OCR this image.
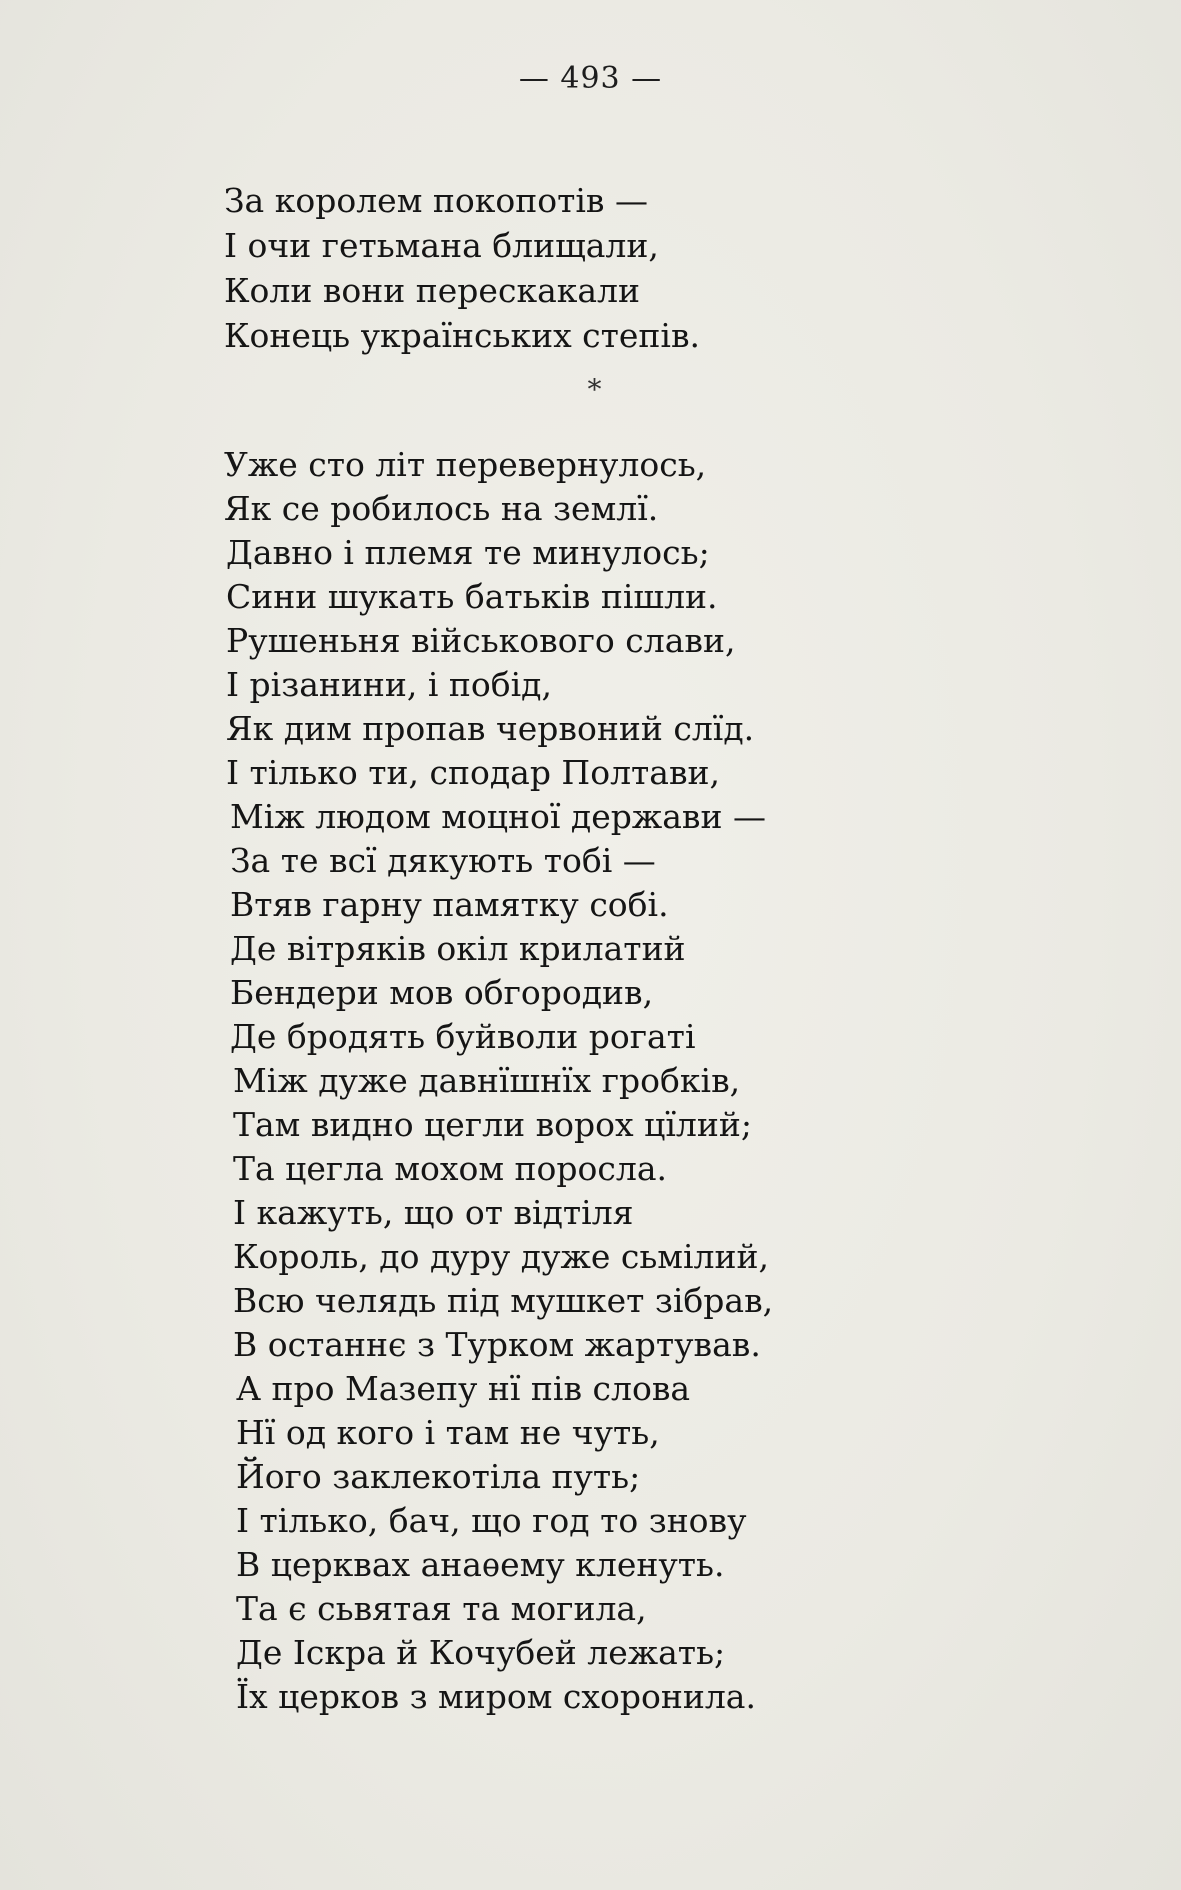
— 493 —
За королем покопотів —
І очи гетьмана блищали,
Коли вони перескакали
Конець українських степів.
*
Уже сто літ перевернулось,
Як се робилось на землї.
Давно і племя те минулось;
Сини шукать батьків пішли.
Рушеньня військового слави,
І різанини, і побід,
Як дим пропав червоний слїд.
І тілько ти, сподар Полтави,
Між людом моцної держави —
За те всї дякують тобі —
Втяв гарну памятку собі.
Де вітряків окіл крилатий
Бендери мов обгородив,
Де бродять буйволи рогаті
Між дуже давнїшнїх гробків,
Там видно цегли ворох цїлий;
Та цегла мохом поросла.
І кажуть, що от відтіля
Король, до дуру дуже сьмілий,
Всю челядь під мушкет зібрав,
В останнє з Турком жартував.
А про Мазепу нї пів слова
Нї од кого і там не чуть,
Його заклекотіла путь;
І тілько, бач, що год то знову
В церквах анаѳему кленуть.
Та є сьвятая та могила,
Де Іскра й Кочубей лежать;
Їх церков з миром схоронила.
